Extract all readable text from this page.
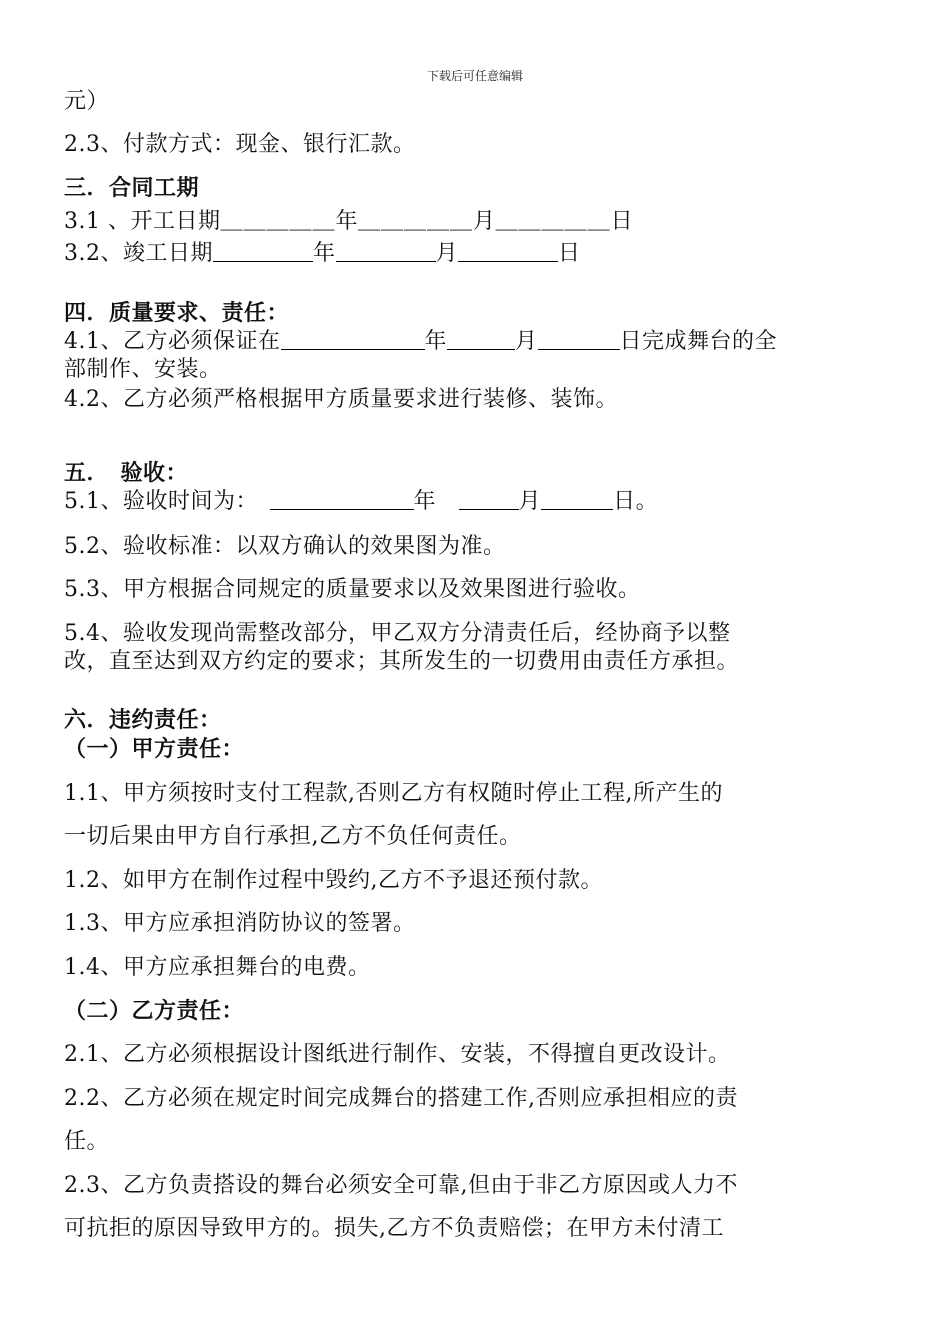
下载后可任意编辑
元）
2.3、付款方式：现金、银行汇款。
三．合同工期
3.1 、开工日期＿＿＿＿＿年＿＿＿＿＿月＿＿＿＿＿日
3.2、竣工日期	年	月	日
四．质量要求、责任：
4.1、乙方必须保证在	年	月	日完成舞台的全
部制作、安装。
4.2、乙方必须严格根据甲方质量要求进行装修、装饰。
五．　验收：
5.1、验收时间为：　	年　	月	日。
5.2、验收标准：以双方确认的效果图为准。
5.3、甲方根据合同规定的质量要求以及效果图进行验收。
5.4、验收发现尚需整改部分，甲乙双方分清责任后，经协商予以整
改，直至达到双方约定的要求；其所发生的一切费用由责任方承担。
六．违约责任：
（一）甲方责任：
1.1、甲方须按时支付工程款,否则乙方有权随时停止工程,所产生的
一切后果由甲方自行承担,乙方不负任何责任。
1.2、如甲方在制作过程中毁约,乙方不予退还预付款。
1.3、甲方应承担消防协议的签署。
1.4、甲方应承担舞台的电费。
（二）乙方责任：
2.1、乙方必须根据设计图纸进行制作、安装，不得擅自更改设计。
2.2、乙方必须在规定时间完成舞台的搭建工作,否则应承担相应的责
任。
2.3、乙方负责搭设的舞台必须安全可靠,但由于非乙方原因或人力不
可抗拒的原因导致甲方的。损失,乙方不负责赔偿；在甲方未付清工
